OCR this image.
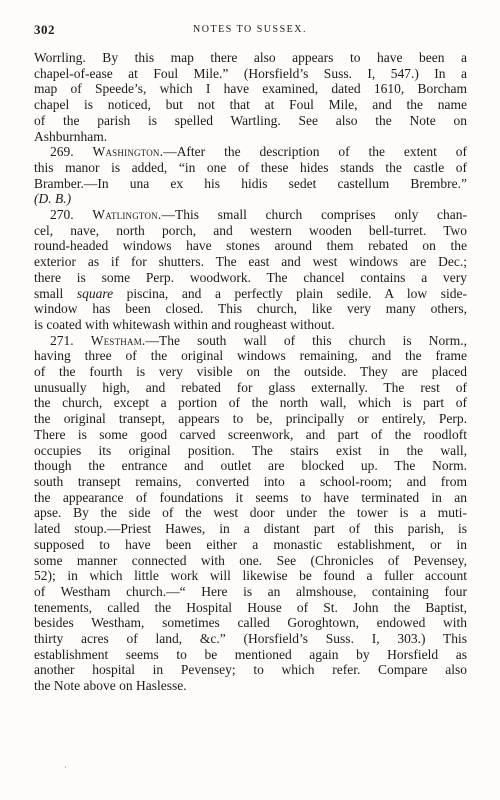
302	NOTES TO SUSSEX.
Worrling. By this map there also appears to have been a
chapel-of-ease at Foul Mile.” (Horsfield’s Suss. I, 547.) In a
map of Speede’s, which I have examined, dated 1610, Borcham
chapel is noticed, but not that at Foul Mile, and the name
of the parish is spelled Wartling. See also the Note on
Ashburnham.
269. Washington.—After the description of the extent of
this manor is added, “in one of these hides stands the castle of
Bramber.—In una ex his hidis sedet castellum Brembre.”
(D. B.)
270. Watlington.—This small church comprises only chan-
cel, nave, north porch, and western wooden bell-turret. Two
round-headed windows have stones around them rebated on the
exterior as if for shutters. The east and west windows are Dec.;
there is some Perp. woodwork. The chancel contains a very
small square piscina, and a perfectly plain sedile. A low side-
window has been closed. This church, like very many others,
is coated with whitewash within and rougheast without.
271. Westham.—The south wall of this church is Norm.,
having three of the original windows remaining, and the frame
of the fourth is very visible on the outside. They are placed
unusually high, and rebated for glass externally. The rest of
the church, except a portion of the north wall, which is part of
the original transept, appears to be, principally or entirely, Perp.
There is some good carved screenwork, and part of the roodloft
occupies its original position. The stairs exist in the wall,
though the entrance and outlet are blocked up. The Norm.
south transept remains, converted into a school-room; and from
the appearance of foundations it seems to have terminated in an
apse. By the side of the west door under the tower is a muti-
lated stoup.—Priest Hawes, in a distant part of this parish, is
supposed to have been either a monastic establishment, or in
some manner connected with one. See (Chronicles of Pevensey,
52); in which little work will likewise be found a fuller account
of Westham church.—“ Here is an almshouse, containing four
tenements, called the Hospital House of St. John the Baptist,
besides Westham, sometimes called Goroghtown, endowed with
thirty acres of land, &c.” (Horsfield’s Suss. I, 303.) This
establishment seems to be mentioned again by Horsfield as
another hospital in Pevensey; to which refer. Compare also
the Note above on Haslesse.
·
